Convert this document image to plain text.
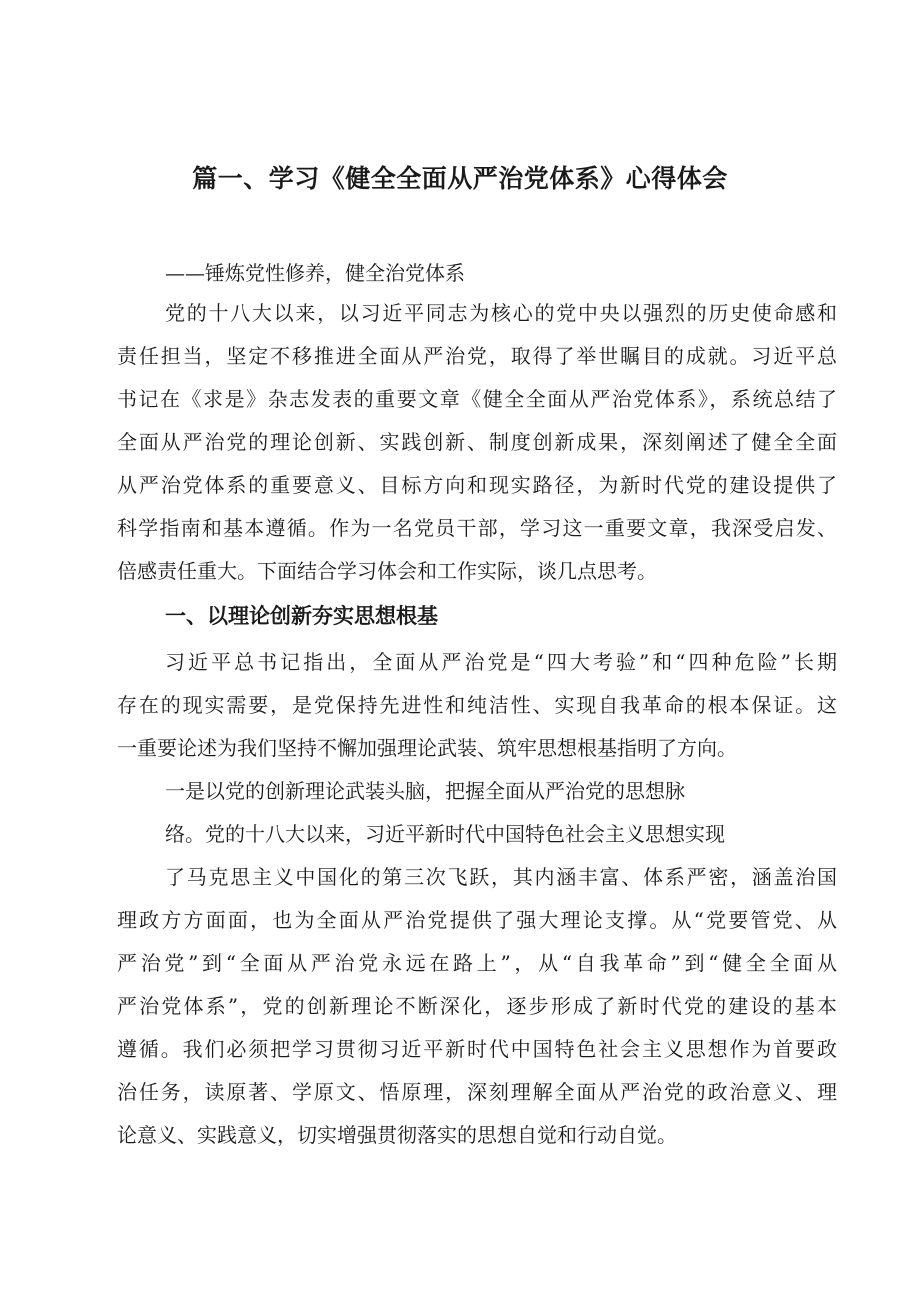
篇一、学习《健全全面从严治党体系》心得体会

——锤炼党性修养，健全治党体系

党的十八大以来，以习近平同志为核心的党中央以强烈的历史使命感和

责任担当，坚定不移推进全面从严治党，取得了举世瞩目的成就。习近平总

书记在《求是》杂志发表的重要文章《健全全面从严治党体系》，系统总结了

全面从严治党的理论创新、实践创新、制度创新成果，深刻阐述了健全全面

从严治党体系的重要意义、目标方向和现实路径，为新时代党的建设提供了

科学指南和基本遵循。作为一名党员干部，学习这一重要文章，我深受启发、

倍感责任重大。下面结合学习体会和工作实际，谈几点思考。

一、以理论创新夯实思想根基

习近平总书记指出，全面从严治党是“四大考验”和“四种危险”长期

存在的现实需要，是党保持先进性和纯洁性、实现自我革命的根本保证。这

一重要论述为我们坚持不懈加强理论武装、筑牢思想根基指明了方向。

一是以党的创新理论武装头脑，把握全面从严治党的思想脉

络。党的十八大以来，习近平新时代中国特色社会主义思想实现

了马克思主义中国化的第三次飞跃，其内涵丰富、体系严密，涵盖治国

理政方方面面，也为全面从严治党提供了强大理论支撑。从“党要管党、从

严治党”到“全面从严治党永远在路上”，从“自我革命”到“健全全面从

严治党体系”，党的创新理论不断深化，逐步形成了新时代党的建设的基本

遵循。我们必须把学习贯彻习近平新时代中国特色社会主义思想作为首要政

治任务，读原著、学原文、悟原理，深刻理解全面从严治党的政治意义、理

论意义、实践意义，切实增强贯彻落实的思想自觉和行动自觉。
